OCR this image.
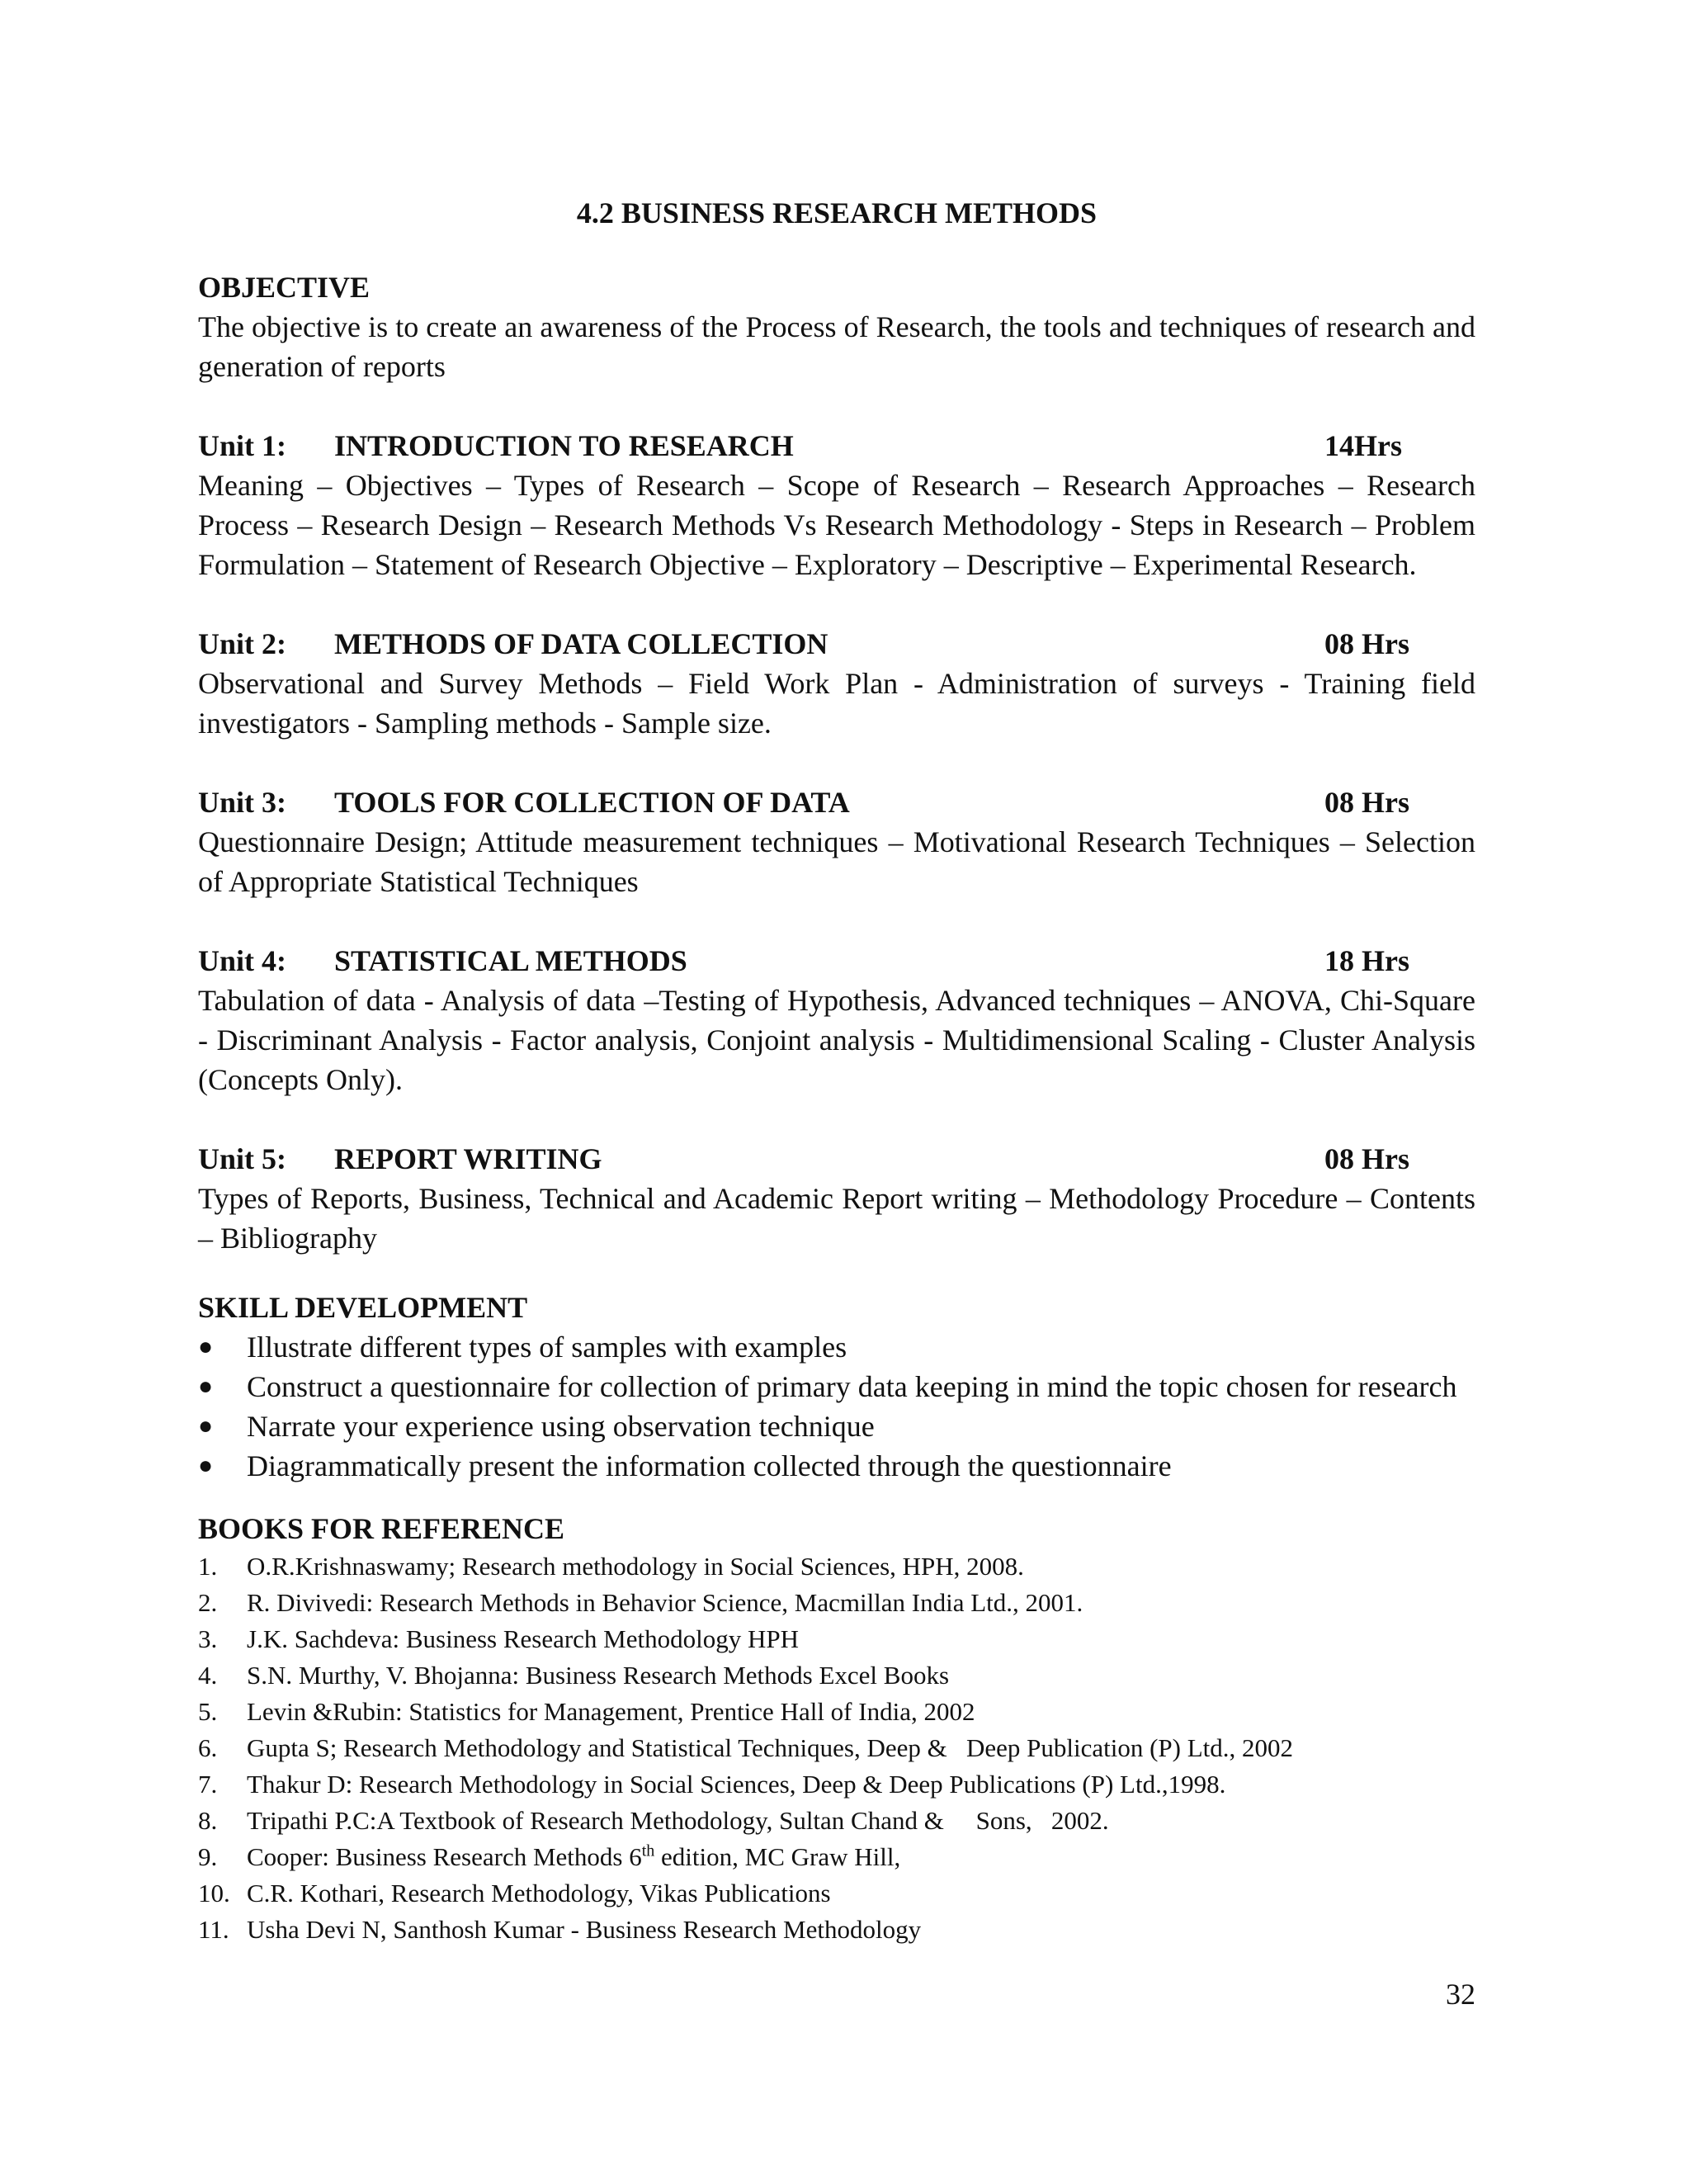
4.2 BUSINESS RESEARCH METHODS

OBJECTIVE

The objective is to create an awareness of the Process of Research, the tools and techniques of research and generation of reports

Unit 1:	INTRODUCTION TO RESEARCH	14Hrs

Meaning – Objectives – Types of Research – Scope of Research – Research Approaches – Research Process – Research Design – Research Methods Vs Research Methodology - Steps in Research – Problem Formulation – Statement of Research Objective – Exploratory – Descriptive – Experimental Research.

Unit 2:	METHODS OF DATA COLLECTION	08 Hrs

Observational and Survey Methods – Field Work Plan - Administration of surveys - Training field investigators - Sampling methods - Sample size.

Unit 3:	TOOLS FOR COLLECTION OF DATA	08 Hrs

Questionnaire Design; Attitude measurement techniques – Motivational Research Techniques – Selection of Appropriate Statistical Techniques

Unit 4:	STATISTICAL METHODS	18 Hrs

Tabulation of data - Analysis of data –Testing of Hypothesis, Advanced techniques – ANOVA, Chi-Square - Discriminant Analysis - Factor analysis, Conjoint analysis - Multidimensional Scaling - Cluster Analysis (Concepts Only).

Unit 5:	REPORT WRITING	08 Hrs

Types of Reports, Business, Technical and Academic Report writing – Methodology Procedure – Contents – Bibliography

SKILL DEVELOPMENT

●	Illustrate different types of samples with examples
●	Construct a questionnaire for collection of primary data keeping in mind the topic chosen for research
●	Narrate your experience using observation technique
●	Diagrammatically present the information collected through the questionnaire

BOOKS FOR REFERENCE

1.	O.R.Krishnaswamy; Research methodology in Social Sciences, HPH, 2008.
2.	R. Divivedi: Research Methods in Behavior Science, Macmillan India Ltd., 2001.
3.	J.K. Sachdeva: Business Research Methodology HPH
4.	S.N. Murthy, V. Bhojanna: Business Research Methods Excel Books
5.	Levin &Rubin: Statistics for Management, Prentice Hall of India, 2002
6.	Gupta S; Research Methodology and Statistical Techniques, Deep &   Deep Publication (P) Ltd., 2002
7.	Thakur D: Research Methodology in Social Sciences, Deep & Deep Publications (P) Ltd.,1998.
8.	Tripathi P.C:A Textbook of Research Methodology, Sultan Chand &     Sons,   2002.
9.	Cooper: Business Research Methods 6th edition, MC Graw Hill,
10. C.R. Kothari, Research Methodology, Vikas Publications
11. Usha Devi N, Santhosh Kumar - Business Research Methodology
32
